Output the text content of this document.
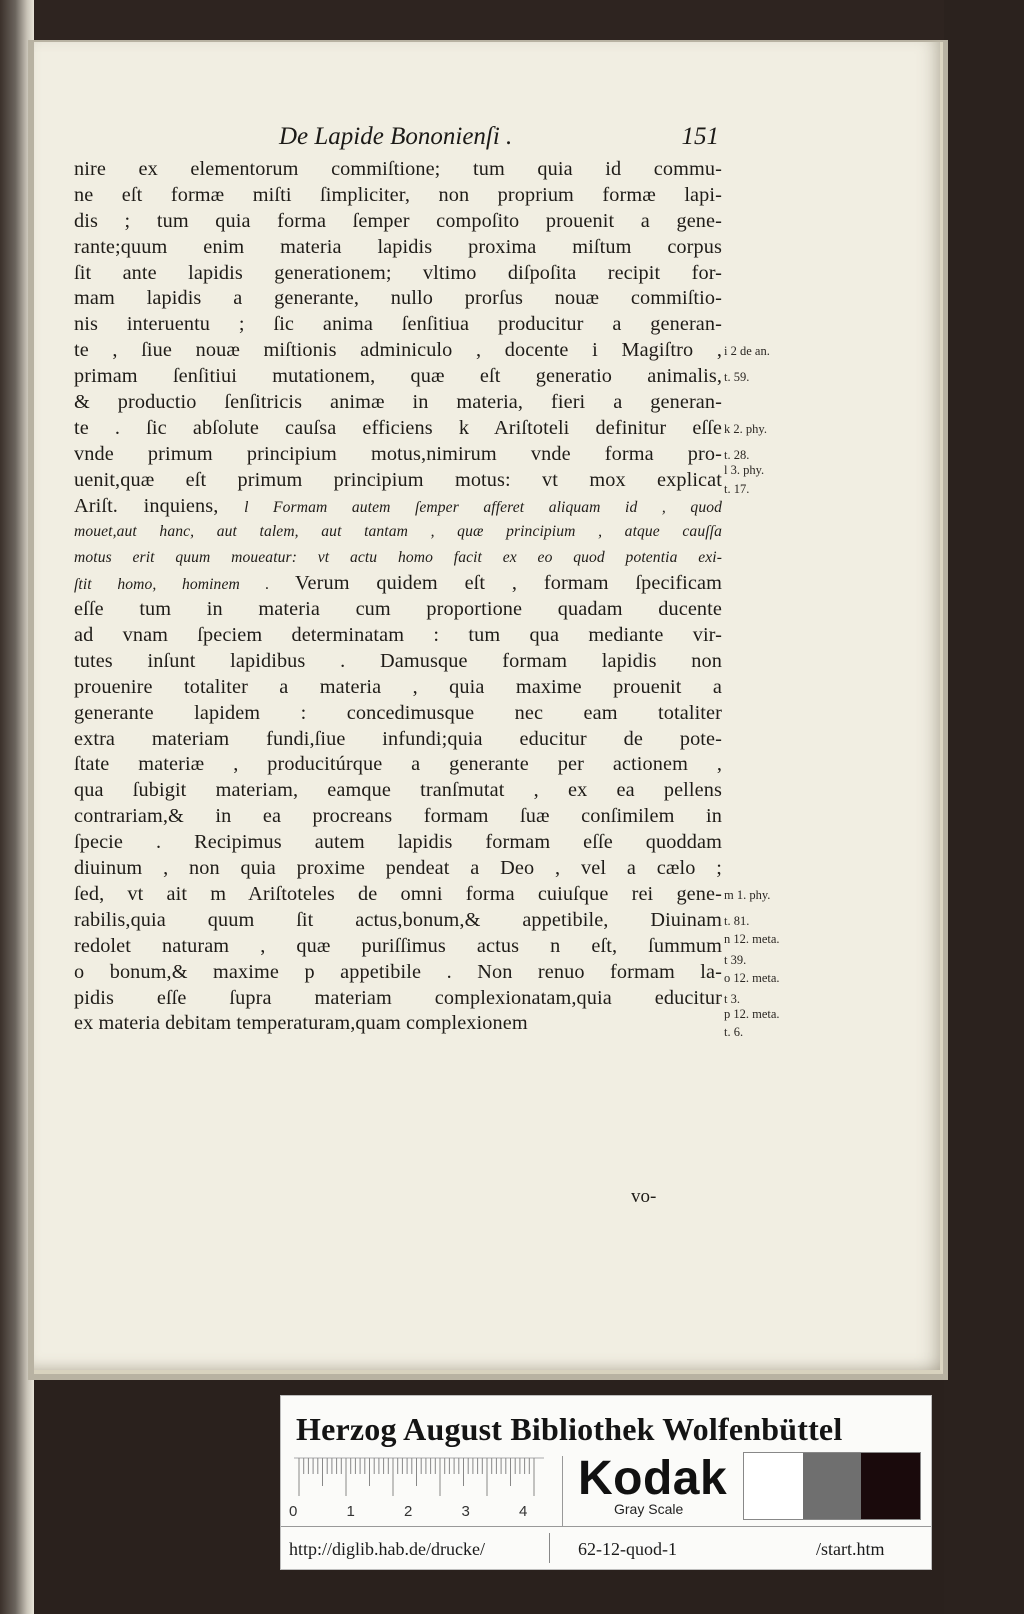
De Lapide Bononienſi .	151
nire ex elementorum commiſtione; tum quia id commu-
ne eſt formæ miſti ſimpliciter, non proprium formæ lapi-
dis ; tum quia forma ſemper compoſito prouenit a gene-
rante;quum enim materia lapidis proxima miſtum corpus
ſit ante lapidis generationem; vltimo diſpoſita recipit for-
mam lapidis a generante, nullo prorſus nouæ commiſtio-
nis interuentu ; ſic anima ſenſitiua producitur a generan-
te , ſiue nouæ miſtionis adminiculo , docente i Magiſtro ,
primam ſenſitiui mutationem, quæ eſt generatio animalis,
& productio ſenſitricis animæ in materia, fieri a generan-
te . ſic abſolute cauſsa efficiens k Ariſtoteli definitur eſſe
vnde primum principium motus,nimirum vnde forma pro-
uenit,quæ eſt primum principium motus: vt mox explicat
Ariſt. inquiens, l Formam autem ſemper afferet aliquam id , quod
mouet,aut hanc, aut talem, aut tantam , quæ principium , atque cauſſa
motus erit quum moueatur: vt actu homo facit ex eo quod potentia exi-
ſtit homo, hominem . Verum quidem eſt , formam ſpecificam
eſſe tum in materia cum proportione quadam ducente
ad vnam ſpeciem determinatam : tum qua mediante vir-
tutes inſunt lapidibus . Damusque formam lapidis non
prouenire totaliter a materia , quia maxime prouenit a
generante lapidem : concedimusque nec eam totaliter
extra materiam fundi,ſiue infundi;quia educitur de pote-
ſtate materiæ , producitúrque a generante per actionem ,
qua ſubigit materiam, eamque tranſmutat , ex ea pellens
contrariam,& in ea procreans formam ſuæ conſimilem in
ſpecie . Recipimus autem lapidis formam eſſe quoddam
diuinum , non quia proxime pendeat a Deo , vel a cælo ;
ſed, vt ait m Ariſtoteles de omni forma cuiuſque rei gene-
rabilis,quia quum ſit actus,bonum,& appetibile, Diuinam
redolet naturam , quæ puriſſimus actus n eſt, ſummum
o bonum,& maxime p appetibile . Non renuo formam la-
pidis eſſe ſupra materiam complexionatam,quia educitur
ex materia debitam temperaturam,quam complexionem
vo-
i 2 de an.
t. 59.
k 2. phy.
t. 28.
l 3. phy.
t. 17.
m 1. phy.
t. 81.
n 12. meta.
t 39.
o 12. meta.
t 3.
p 12. meta.
t. 6.
Herzog August Bibliothek Wolfenbüttel
0	1	2	3	4
Kodak
Gray Scale
http://diglib.hab.de/drucke/	62-12-quod-1	/start.htm
